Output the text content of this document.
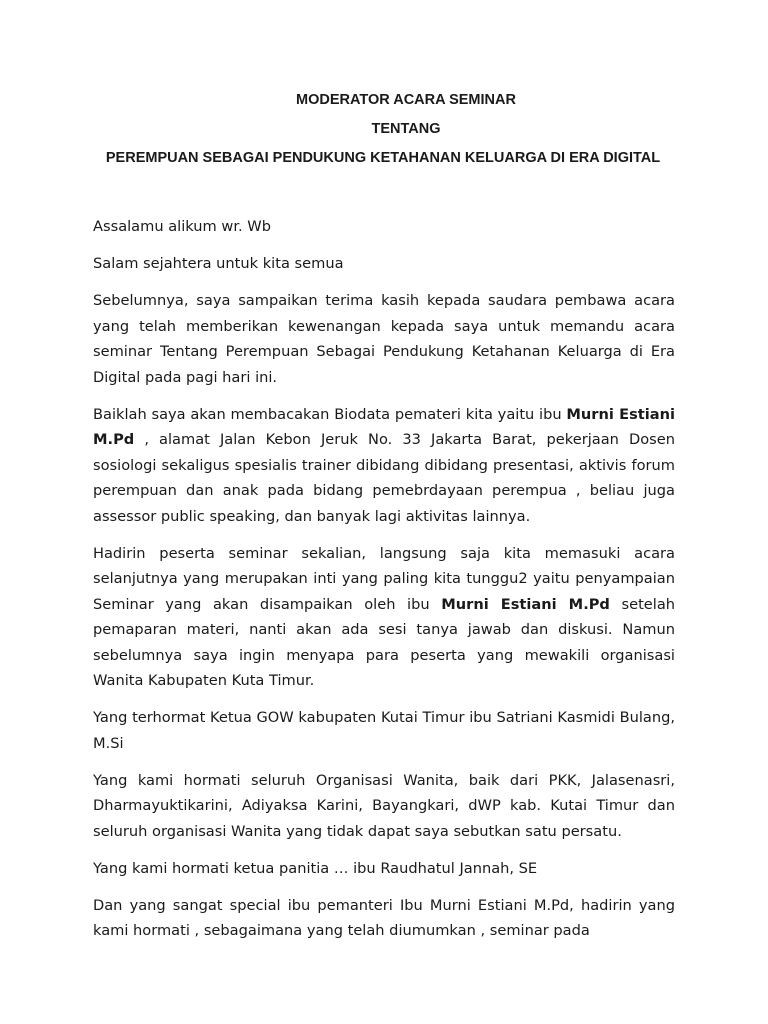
MODERATOR ACARA SEMINAR
TENTANG
PEREMPUAN SEBAGAI PENDUKUNG KETAHANAN KELUARGA DI ERA DIGITAL

Assalamu alikum wr. Wb

Salam sejahtera untuk kita semua

Sebelumnya, saya sampaikan terima kasih kepada saudara pembawa acara yang telah memberikan kewenangan kepada saya untuk memandu acara seminar Tentang Perempuan Sebagai Pendukung Ketahanan Keluarga di Era Digital pada pagi hari ini.

Baiklah saya akan membacakan Biodata pemateri kita yaitu ibu Murni Estiani M.Pd , alamat Jalan Kebon Jeruk No. 33 Jakarta Barat, pekerjaan Dosen sosiologi sekaligus spesialis trainer dibidang dibidang presentasi, aktivis forum perempuan dan anak pada bidang pemebrdayaan perempua , beliau juga assessor public speaking, dan banyak lagi aktivitas lainnya.

Hadirin peserta seminar sekalian, langsung saja kita memasuki acara selanjutnya yang merupakan inti yang paling kita tunggu2 yaitu penyampaian Seminar yang akan disampaikan oleh ibu Murni Estiani M.Pd setelah pemaparan materi, nanti akan ada sesi tanya jawab dan diskusi. Namun sebelumnya saya ingin menyapa para peserta yang mewakili organisasi Wanita Kabupaten Kuta Timur.

Yang terhormat Ketua GOW kabupaten Kutai Timur ibu Satriani Kasmidi Bulang, M.Si

Yang kami hormati seluruh Organisasi Wanita, baik dari PKK, Jalasenasri, Dharmayuktikarini, Adiyaksa Karini, Bayangkari, dWP kab. Kutai Timur dan seluruh organisasi Wanita yang tidak dapat saya sebutkan satu persatu.

Yang kami hormati ketua panitia … ibu Raudhatul Jannah, SE

Dan yang sangat special ibu pemanteri Ibu Murni Estiani M.Pd, hadirin yang kami hormati , sebagaimana yang telah diumumkan , seminar pada
